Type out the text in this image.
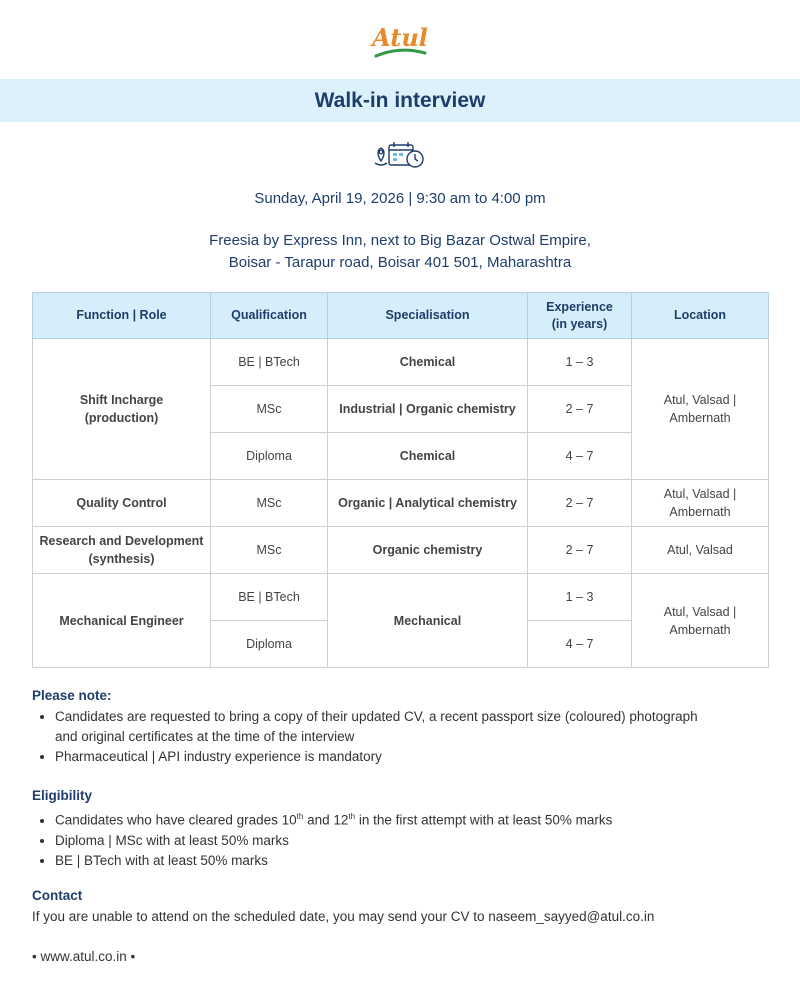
Atul
Walk-in interview
Sunday, April 19, 2026 | 9:30 am to 4:00 pm
Freesia by Express Inn, next to Big Bazar Ostwal Empire,
Boisar - Tarapur road, Boisar 401 501, Maharashtra
Function | Role	Qualification	Specialisation	Experience (in years)	Location
Shift Incharge (production)	BE | BTech	Chemical	1 – 3	Atul, Valsad | Ambernath
	MSc	Industrial | Organic chemistry	2 – 7	
	Diploma	Chemical	4 – 7	
Quality Control	MSc	Organic | Analytical chemistry	2 – 7	Atul, Valsad | Ambernath
Research and Development (synthesis)	MSc	Organic chemistry	2 – 7	Atul, Valsad
Mechanical Engineer	BE | BTech	Mechanical	1 – 3	Atul, Valsad | Ambernath
	Diploma		4 – 7	
Please note:
• Candidates are requested to bring a copy of their updated CV, a recent passport size (coloured) photograph and original certificates at the time of the interview
• Pharmaceutical | API industry experience is mandatory
Eligibility
• Candidates who have cleared grades 10th and 12th in the first attempt with at least 50% marks
• Diploma | MSc with at least 50% marks
• BE | BTech with at least 50% marks
Contact

If you are unable to attend on the scheduled date, you may send your CV to naseem_sayyed@atul.co.in

• www.atul.co.in •
